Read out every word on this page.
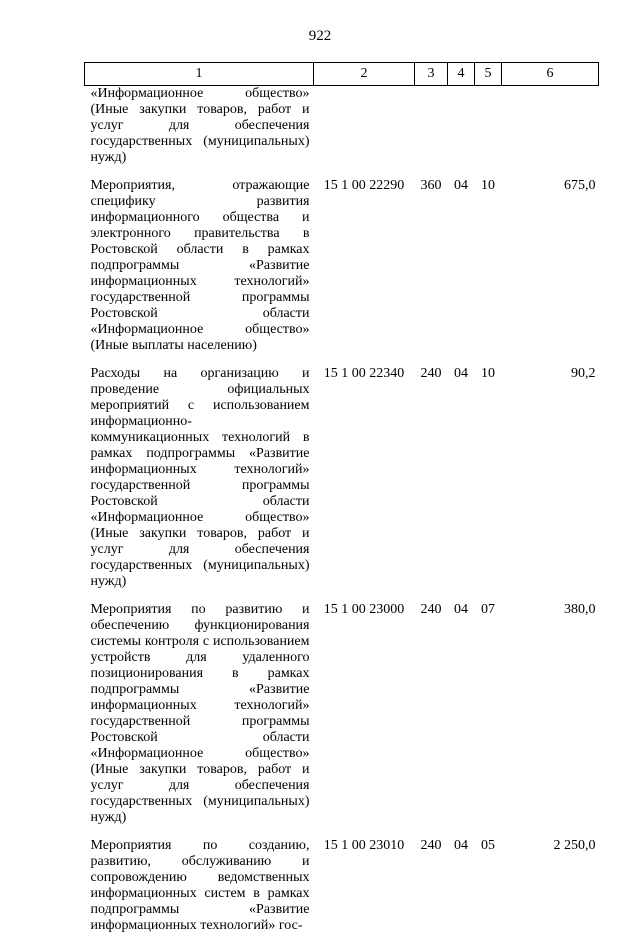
922
1	2	3	4	5	6
«Информационное общество» (Иные закупки товаров, работ и услуг для обеспечения государственных (муниципальных) нужд)					
Мероприятия, отражающие специфику развития информационного общества и электронного правительства в Ростовской области в рамках подпрограммы «Развитие информационных технологий» государственной программы Ростовской области «Информационное общество» (Иные выплаты населению)	15 1 00 22290	360	04	10	675,0
Расходы на организацию и проведение официальных мероприятий с использованием информационно-коммуникационных технологий в рамках подпрограммы «Развитие информационных технологий» государственной программы Ростовской области «Информационное общество» (Иные закупки товаров, работ и услуг для обеспечения государственных (муниципальных) нужд)	15 1 00 22340	240	04	10	90,2
Мероприятия по развитию и обеспечению функционирования системы контроля с использованием устройств для удаленного позиционирования в рамках подпрограммы «Развитие информационных технологий» государственной программы Ростовской области «Информационное общество» (Иные закупки товаров, работ и услуг для обеспечения государственных (муниципальных) нужд)	15 1 00 23000	240	04	07	380,0
Мероприятия по созданию, развитию, обслуживанию и сопровождению ведомственных информационных систем в рамках подпрограммы «Развитие информационных технологий» гос-	15 1 00 23010	240	04	05	2 250,0
